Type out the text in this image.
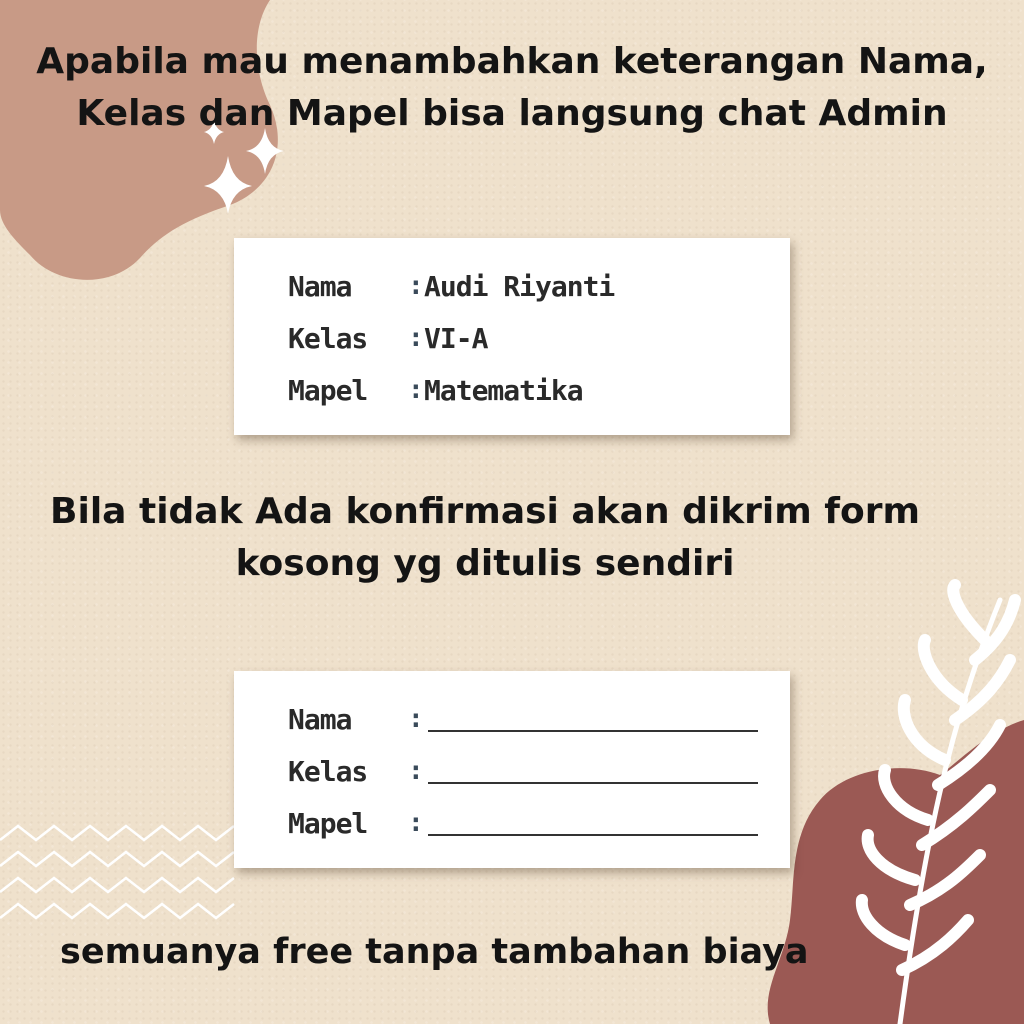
Apabila mau menambahkan keterangan Nama, Kelas dan Mapel bisa langsung chat Admin
Nama	: Audi Riyanti
Kelas	: VI-A
Mapel	: Matematika
Bila tidak Ada konfirmasi akan dikrim form kosong yg ditulis sendiri
Nama	:
Kelas	:
Mapel	:
semuanya free tanpa tambahan biaya
